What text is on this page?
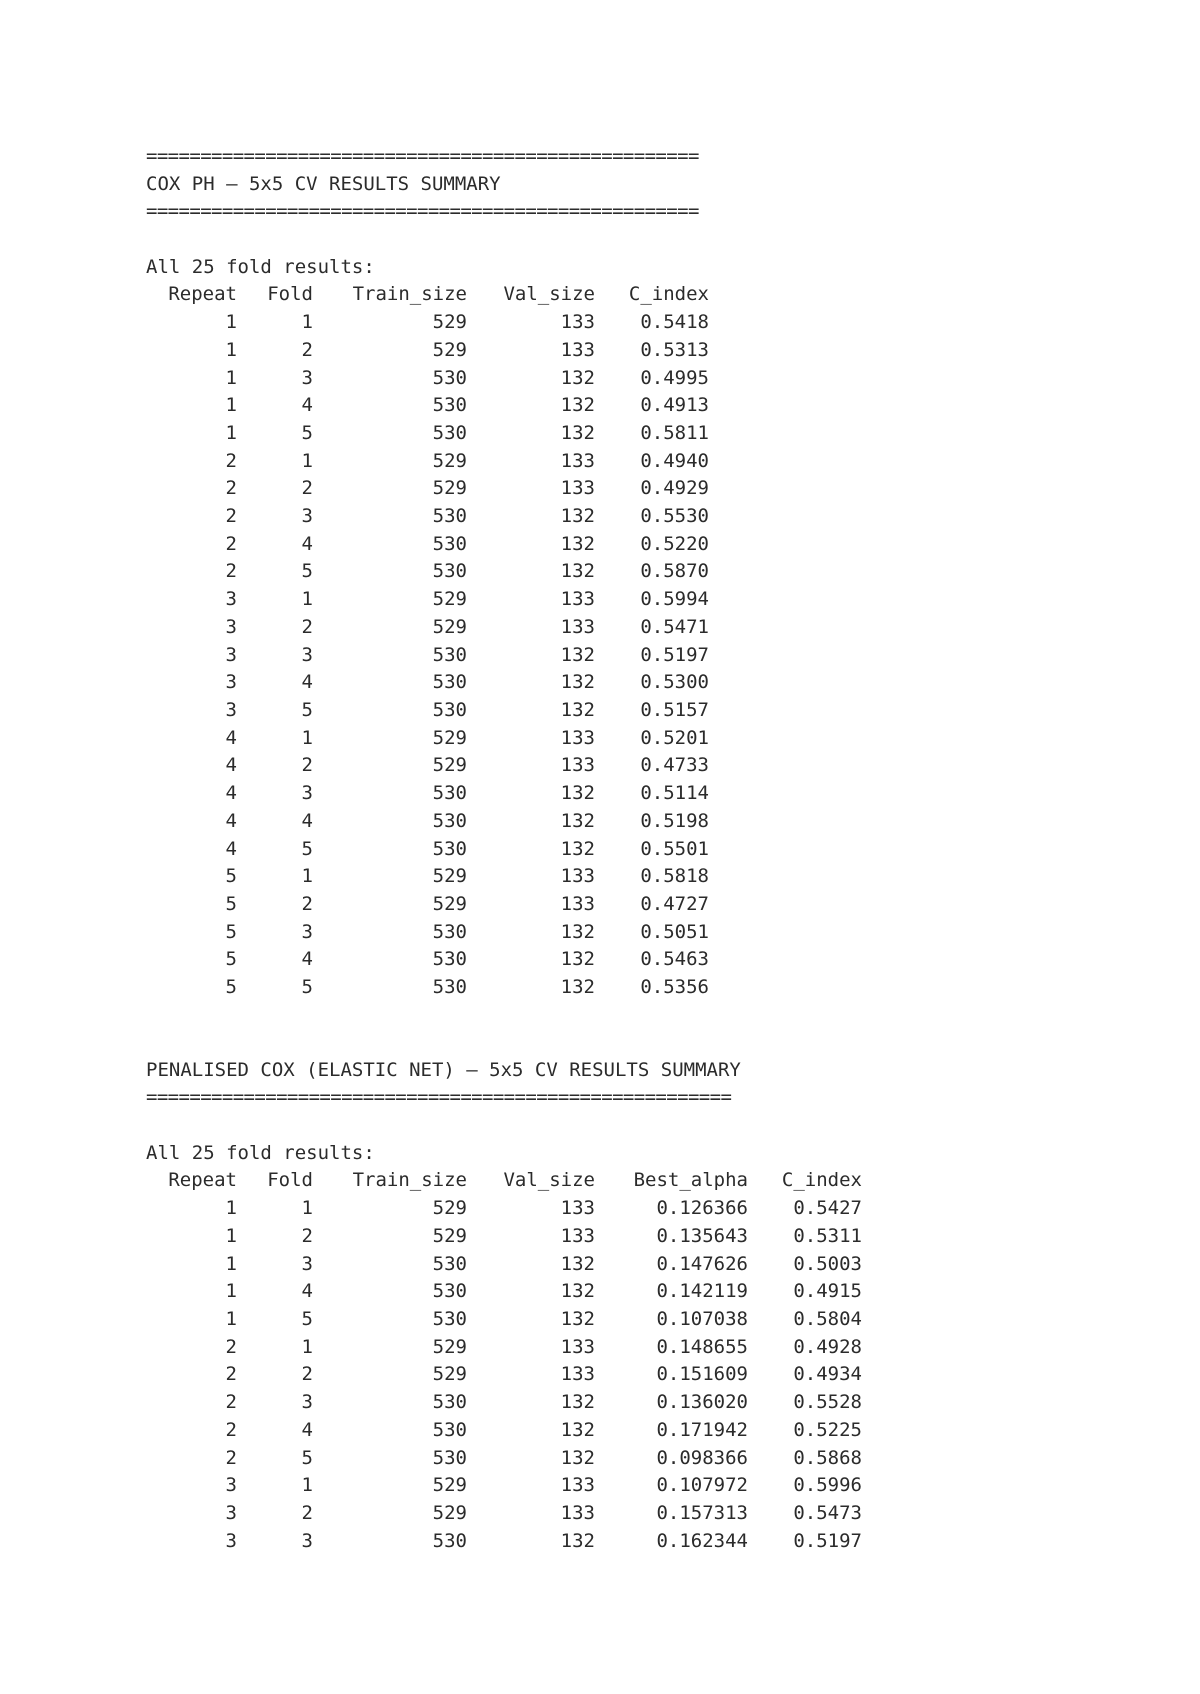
===================================================
COX PH — 5x5 CV RESULTS SUMMARY
===================================================
All 25 fold results:
Repeat	Fold	Train_size	Val_size	C_index
1	1	529	133	0.5418
1	2	529	133	0.5313
1	3	530	132	0.4995
1	4	530	132	0.4913
1	5	530	132	0.5811
2	1	529	133	0.4940
2	2	529	133	0.4929
2	3	530	132	0.5530
2	4	530	132	0.5220
2	5	530	132	0.5870
3	1	529	133	0.5994
3	2	529	133	0.5471
3	3	530	132	0.5197
3	4	530	132	0.5300
3	5	530	132	0.5157
4	1	529	133	0.5201
4	2	529	133	0.4733
4	3	530	132	0.5114
4	4	530	132	0.5198
4	5	530	132	0.5501
5	1	529	133	0.5818
5	2	529	133	0.4727
5	3	530	132	0.5051
5	4	530	132	0.5463
5	5	530	132	0.5356
PENALISED COX (ELASTIC NET) — 5x5 CV RESULTS SUMMARY
======================================================
All 25 fold results:
Repeat	Fold	Train_size	Val_size	Best_alpha	C_index
1	1	529	133	0.126366	0.5427
1	2	529	133	0.135643	0.5311
1	3	530	132	0.147626	0.5003
1	4	530	132	0.142119	0.4915
1	5	530	132	0.107038	0.5804
2	1	529	133	0.148655	0.4928
2	2	529	133	0.151609	0.4934
2	3	530	132	0.136020	0.5528
2	4	530	132	0.171942	0.5225
2	5	530	132	0.098366	0.5868
3	1	529	133	0.107972	0.5996
3	2	529	133	0.157313	0.5473
3	3	530	132	0.162344	0.5197
